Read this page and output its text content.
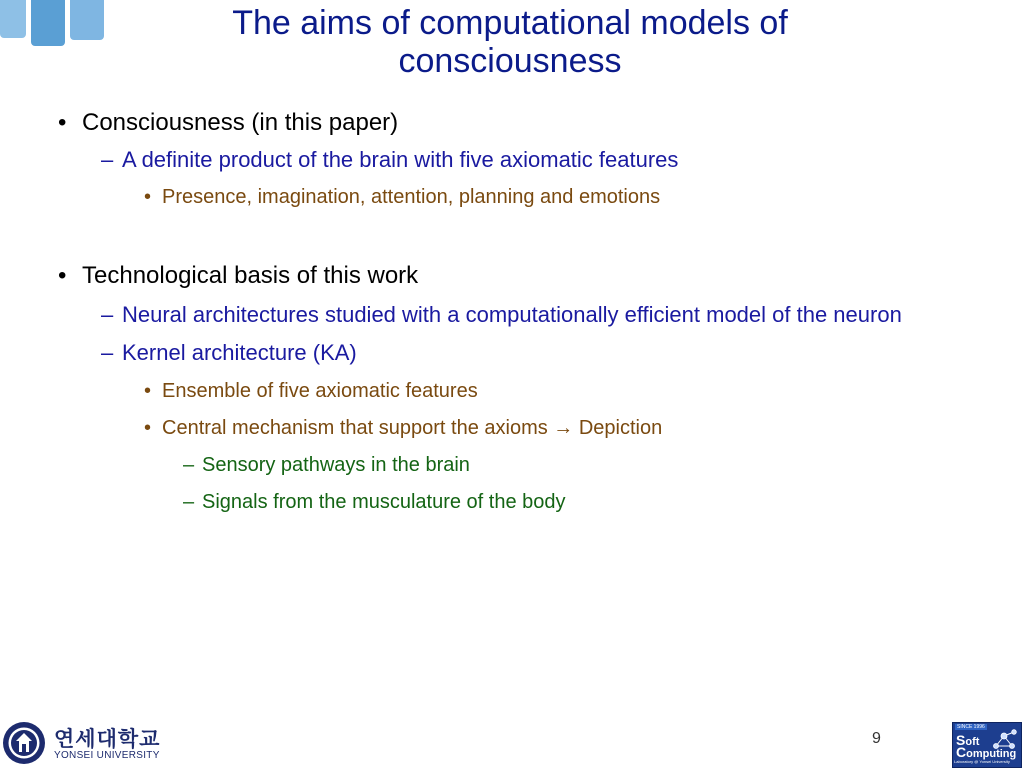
The aims of computational models of consciousness
• Consciousness (in this paper)
– A definite product of the brain with five axiomatic features
• Presence, imagination, attention, planning and emotions
• Technological basis of this work
– Neural architectures studied with a computationally efficient model of the neuron
– Kernel architecture (KA)
• Ensemble of five axiomatic features
• Central mechanism that support the axioms → Depiction
– Sensory pathways in the brain
– Signals from the musculature of the body
9
연세대학교
YONSEI UNIVERSITY
SINCE 1996
Soft
Computing
Laboratory @ Yonsei University
